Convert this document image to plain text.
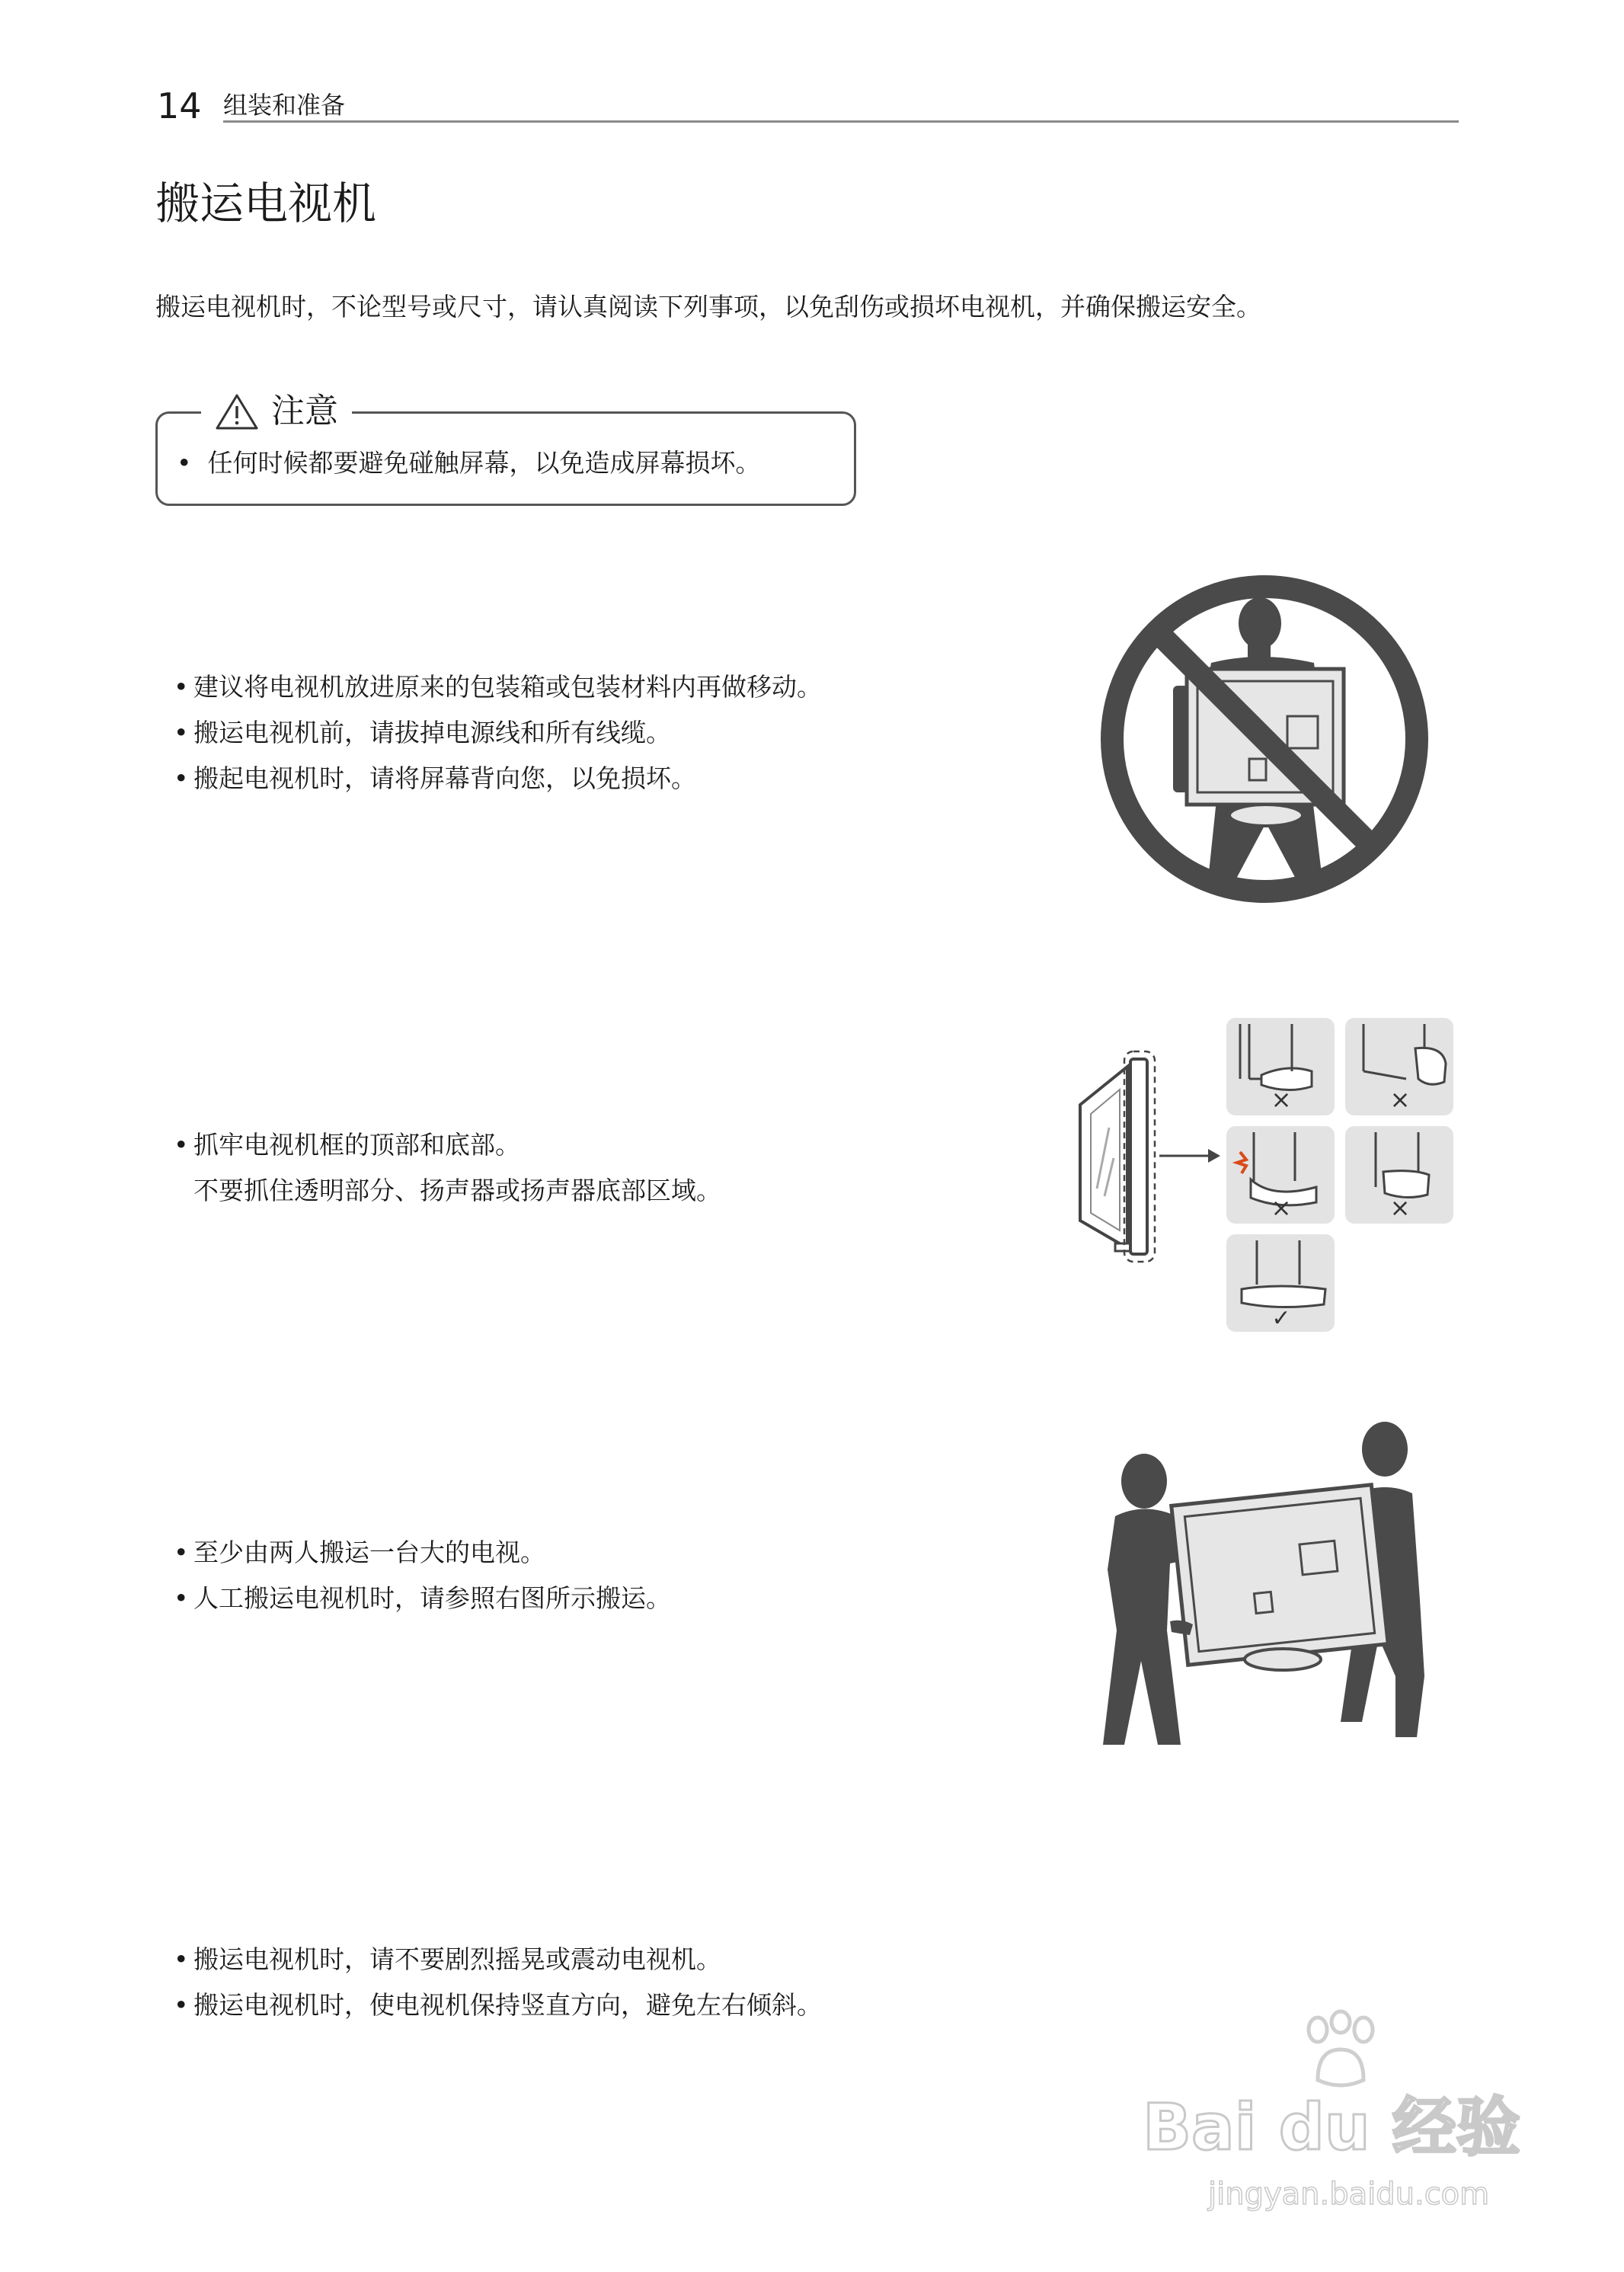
14 组装和准备
搬运电视机
搬运电视机时，不论型号或尺寸，请认真阅读下列事项，以免刮伤或损坏电视机，并确保搬运安全。
注意
•  任何时候都要避免碰触屏幕，以免造成屏幕损坏。
• 建议将电视机放进原来的包装箱或包装材料内再做移动。
• 搬运电视机前，请拔掉电源线和所有线缆。
• 搬起电视机时，请将屏幕背向您，以免损坏。
• 抓牢电视机框的顶部和底部。
不要抓住透明部分、扬声器或扬声器底部区域。
×	×
×	×
✓
• 至少由两人搬运一台大的电视。
• 人工搬运电视机时，请参照右图所示搬运。
• 搬运电视机时，请不要剧烈摇晃或震动电视机。
• 搬运电视机时，使电视机保持竖直方向，避免左右倾斜。
Bai du 经验
jingyan.baidu.com
